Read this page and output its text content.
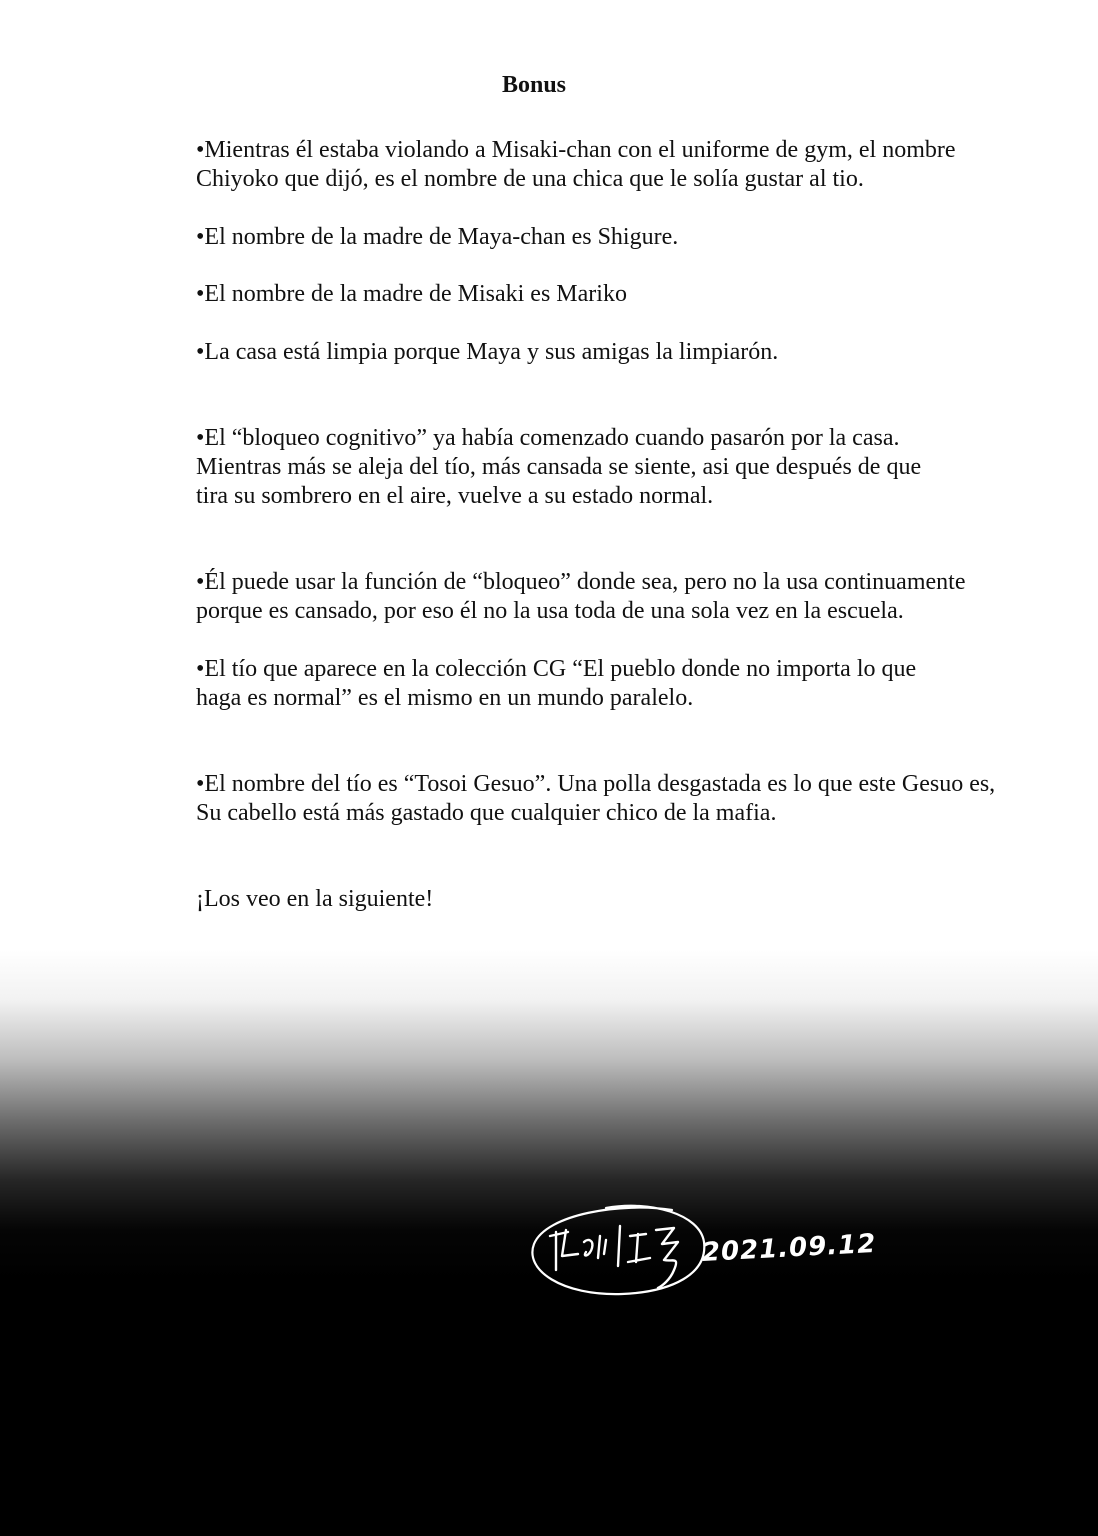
Bonus

•Mientras él estaba violando a Misaki-chan con el uniforme de gym, el nombre
Chiyoko que dijó, es el nombre de una chica que le solía gustar al tio.

•El nombre de la madre de Maya-chan es Shigure.

•El nombre de la madre de Misaki es Mariko

•La casa está limpia porque Maya y sus amigas la limpiarón.

•El “bloqueo cognitivo” ya había comenzado cuando pasarón por la casa.
Mientras más se aleja del tío, más cansada se siente, asi que después de que
tira su sombrero en el aire, vuelve a su estado normal.

•Él puede usar la función de “bloqueo” donde sea, pero no la usa continuamente
porque es cansado, por eso él no la usa toda de una sola vez en la escuela.

•El tío que aparece en la colección CG “El pueblo donde no importa lo que
haga es normal” es el mismo en un mundo paralelo.

•El nombre del tío es “Tosoi Gesuo”. Una polla desgastada es lo que este Gesuo es,
Su cabello está más gastado que cualquier chico de la mafia.

¡Los veo en la siguiente!

2021.09.12
